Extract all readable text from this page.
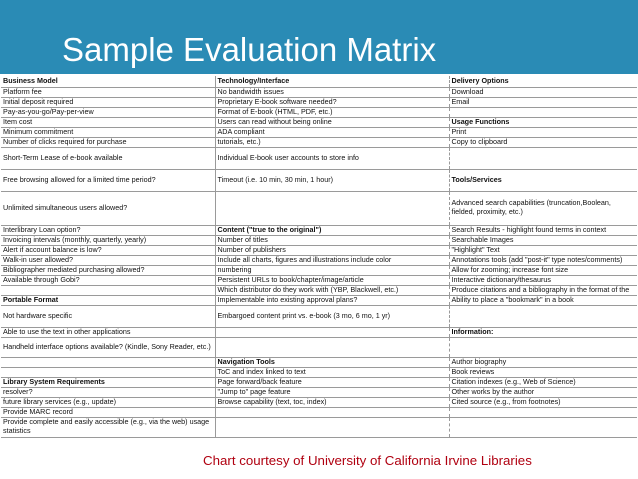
Sample Evaluation Matrix
Business Model	Technology/Interface	Delivery Options
Platform fee	No bandwidth issues	Download
Initial deposit required	Proprietary E-book software needed?	Email
Pay-as-you-go/Pay-per-view	Format of E-book (HTML, PDF, etc.)	
Item cost	Users can read without being online	Usage Functions
Minimum commitment	ADA compliant	Print
Number of clicks required for purchase	tutorials, etc.)	Copy to clipboard
Short-Term Lease of e-book available	Individual E-book user accounts to store info	
Free browsing allowed for a limited time period?	Timeout (i.e. 10 min, 30 min, 1 hour)	Tools/Services
Unlimited simultaneous users allowed?		Advanced search capabilities (truncation,Boolean, fielded, proximity, etc.)
Interlibrary Loan option?	Content ("true to the original")	Search Results - highlight found terms in context
Invoicing intervals (monthly, quarterly, yearly)	Number of titles	Searchable Images
Alert if account balance is low?	Number of publishers	"Highlight" Text
Walk-in user allowed?	Include all charts, figures and illustrations include color	Annotations tools (add "post-it" type notes/comments)
Bibliographer mediated purchasing allowed?	numbering	Allow for zooming; increase font size
Available through Gobi?	Persistent URLs to book/chapter/image/article	Interactive dictionary/thesaurus
	Which distributor do they work with (YBP, Blackwell, etc.)	Produce citations and a bibliography in the format of the
Portable Format	Implementable into existing approval plans?	Ability to place a "bookmark" in a book
Not hardware specific	Embargoed content print vs. e-book (3 mo, 6 mo, 1 yr)	
Able to use the text in other applications		Information:
Handheld interface options available? (Kindle, Sony Reader, etc.)		
	Navigation Tools	Author biography
	ToC and index linked to text	Book reviews
Library System Requirements	Page forward/back feature	Citation indexes (e.g., Web of Science)
resolver?	"Jump to" page feature	Other works by the author
future library services (e.g., update)	Browse capability (text, toc, index)	Cited source (e.g., from footnotes)
Provide MARC record		
Provide complete and easily accessible (e.g., via the web) usage statistics		
Chart courtesy of University of California Irvine Libraries
